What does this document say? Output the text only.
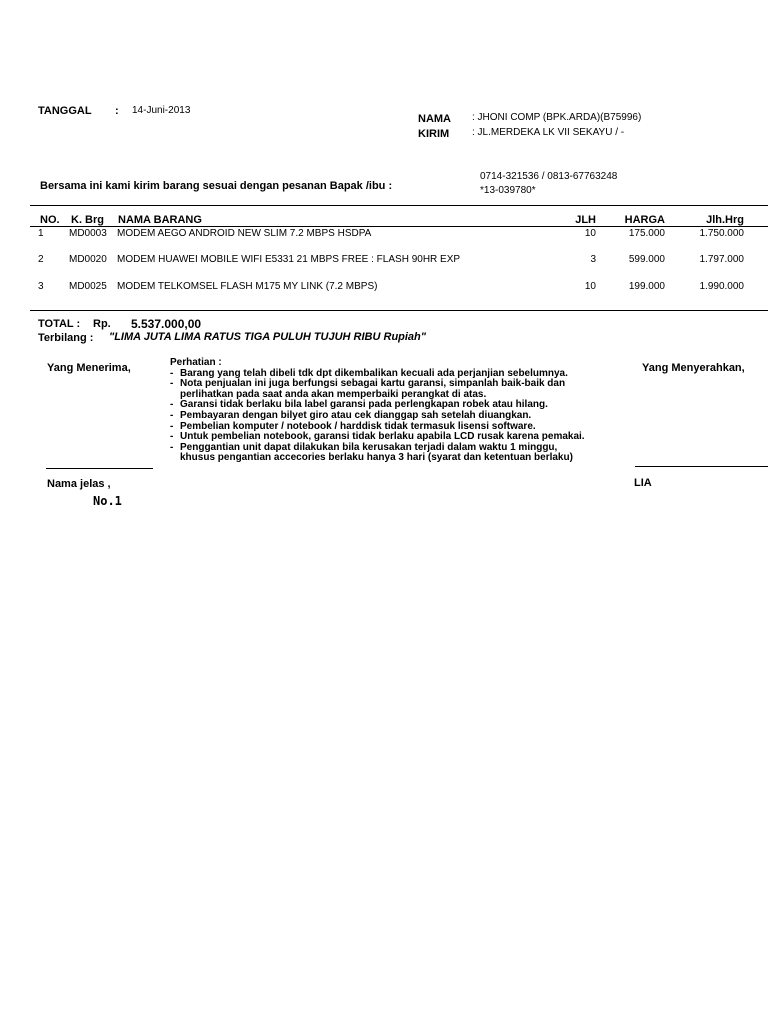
TANGGAL : 14-Juni-2013
NAMA : JHONI COMP (BPK.ARDA)(B75996)
KIRIM : JL.MERDEKA LK VII SEKAYU / -
0714-321536 / 0813-67763248
*13-039780*
Bersama ini kami kirim barang sesuai dengan pesanan Bapak /ibu :
NO. K. Brg NAMA BARANG	JLH	HARGA	Jlh.Hrg
1	MD0003 MODEM AEGO ANDROID NEW SLIM 7.2 MBPS HSDPA	10	175.000	1.750.000
2	MD0020 MODEM HUAWEI MOBILE WIFI E5331 21 MBPS FREE : FLASH 90HR EXP	3	599.000	1.797.000
3	MD0025 MODEM TELKOMSEL FLASH M175 MY LINK (7.2 MBPS)	10	199.000	1.990.000
TOTAL : Rp. 5.537.000,00
Terbilang : "LIMA JUTA LIMA RATUS TIGA PULUH TUJUH RIBU Rupiah"
Yang Menerima,	Yang Menyerahkan,
Perhatian :
- Barang yang telah dibeli tdk dpt dikembalikan kecuali ada perjanjian sebelumnya.
- Nota penjualan ini juga berfungsi sebagai kartu garansi, simpanlah baik-baik dan
perlihatkan pada saat anda akan memperbaiki perangkat di atas.
- Garansi tidak berlaku bila label garansi pada perlengkapan robek atau hilang.
- Pembayaran dengan bilyet giro atau cek dianggap sah setelah diuangkan.
- Pembelian komputer / notebook / harddisk tidak termasuk lisensi software.
- Untuk pembelian notebook, garansi tidak berlaku apabila LCD rusak karena pemakai.
- Penggantian unit dapat dilakukan bila kerusakan terjadi dalam waktu 1 minggu,
khusus pengantian accecories berlaku hanya 3 hari (syarat dan ketentuan berlaku)
Nama jelas ,	LIA
No.1
